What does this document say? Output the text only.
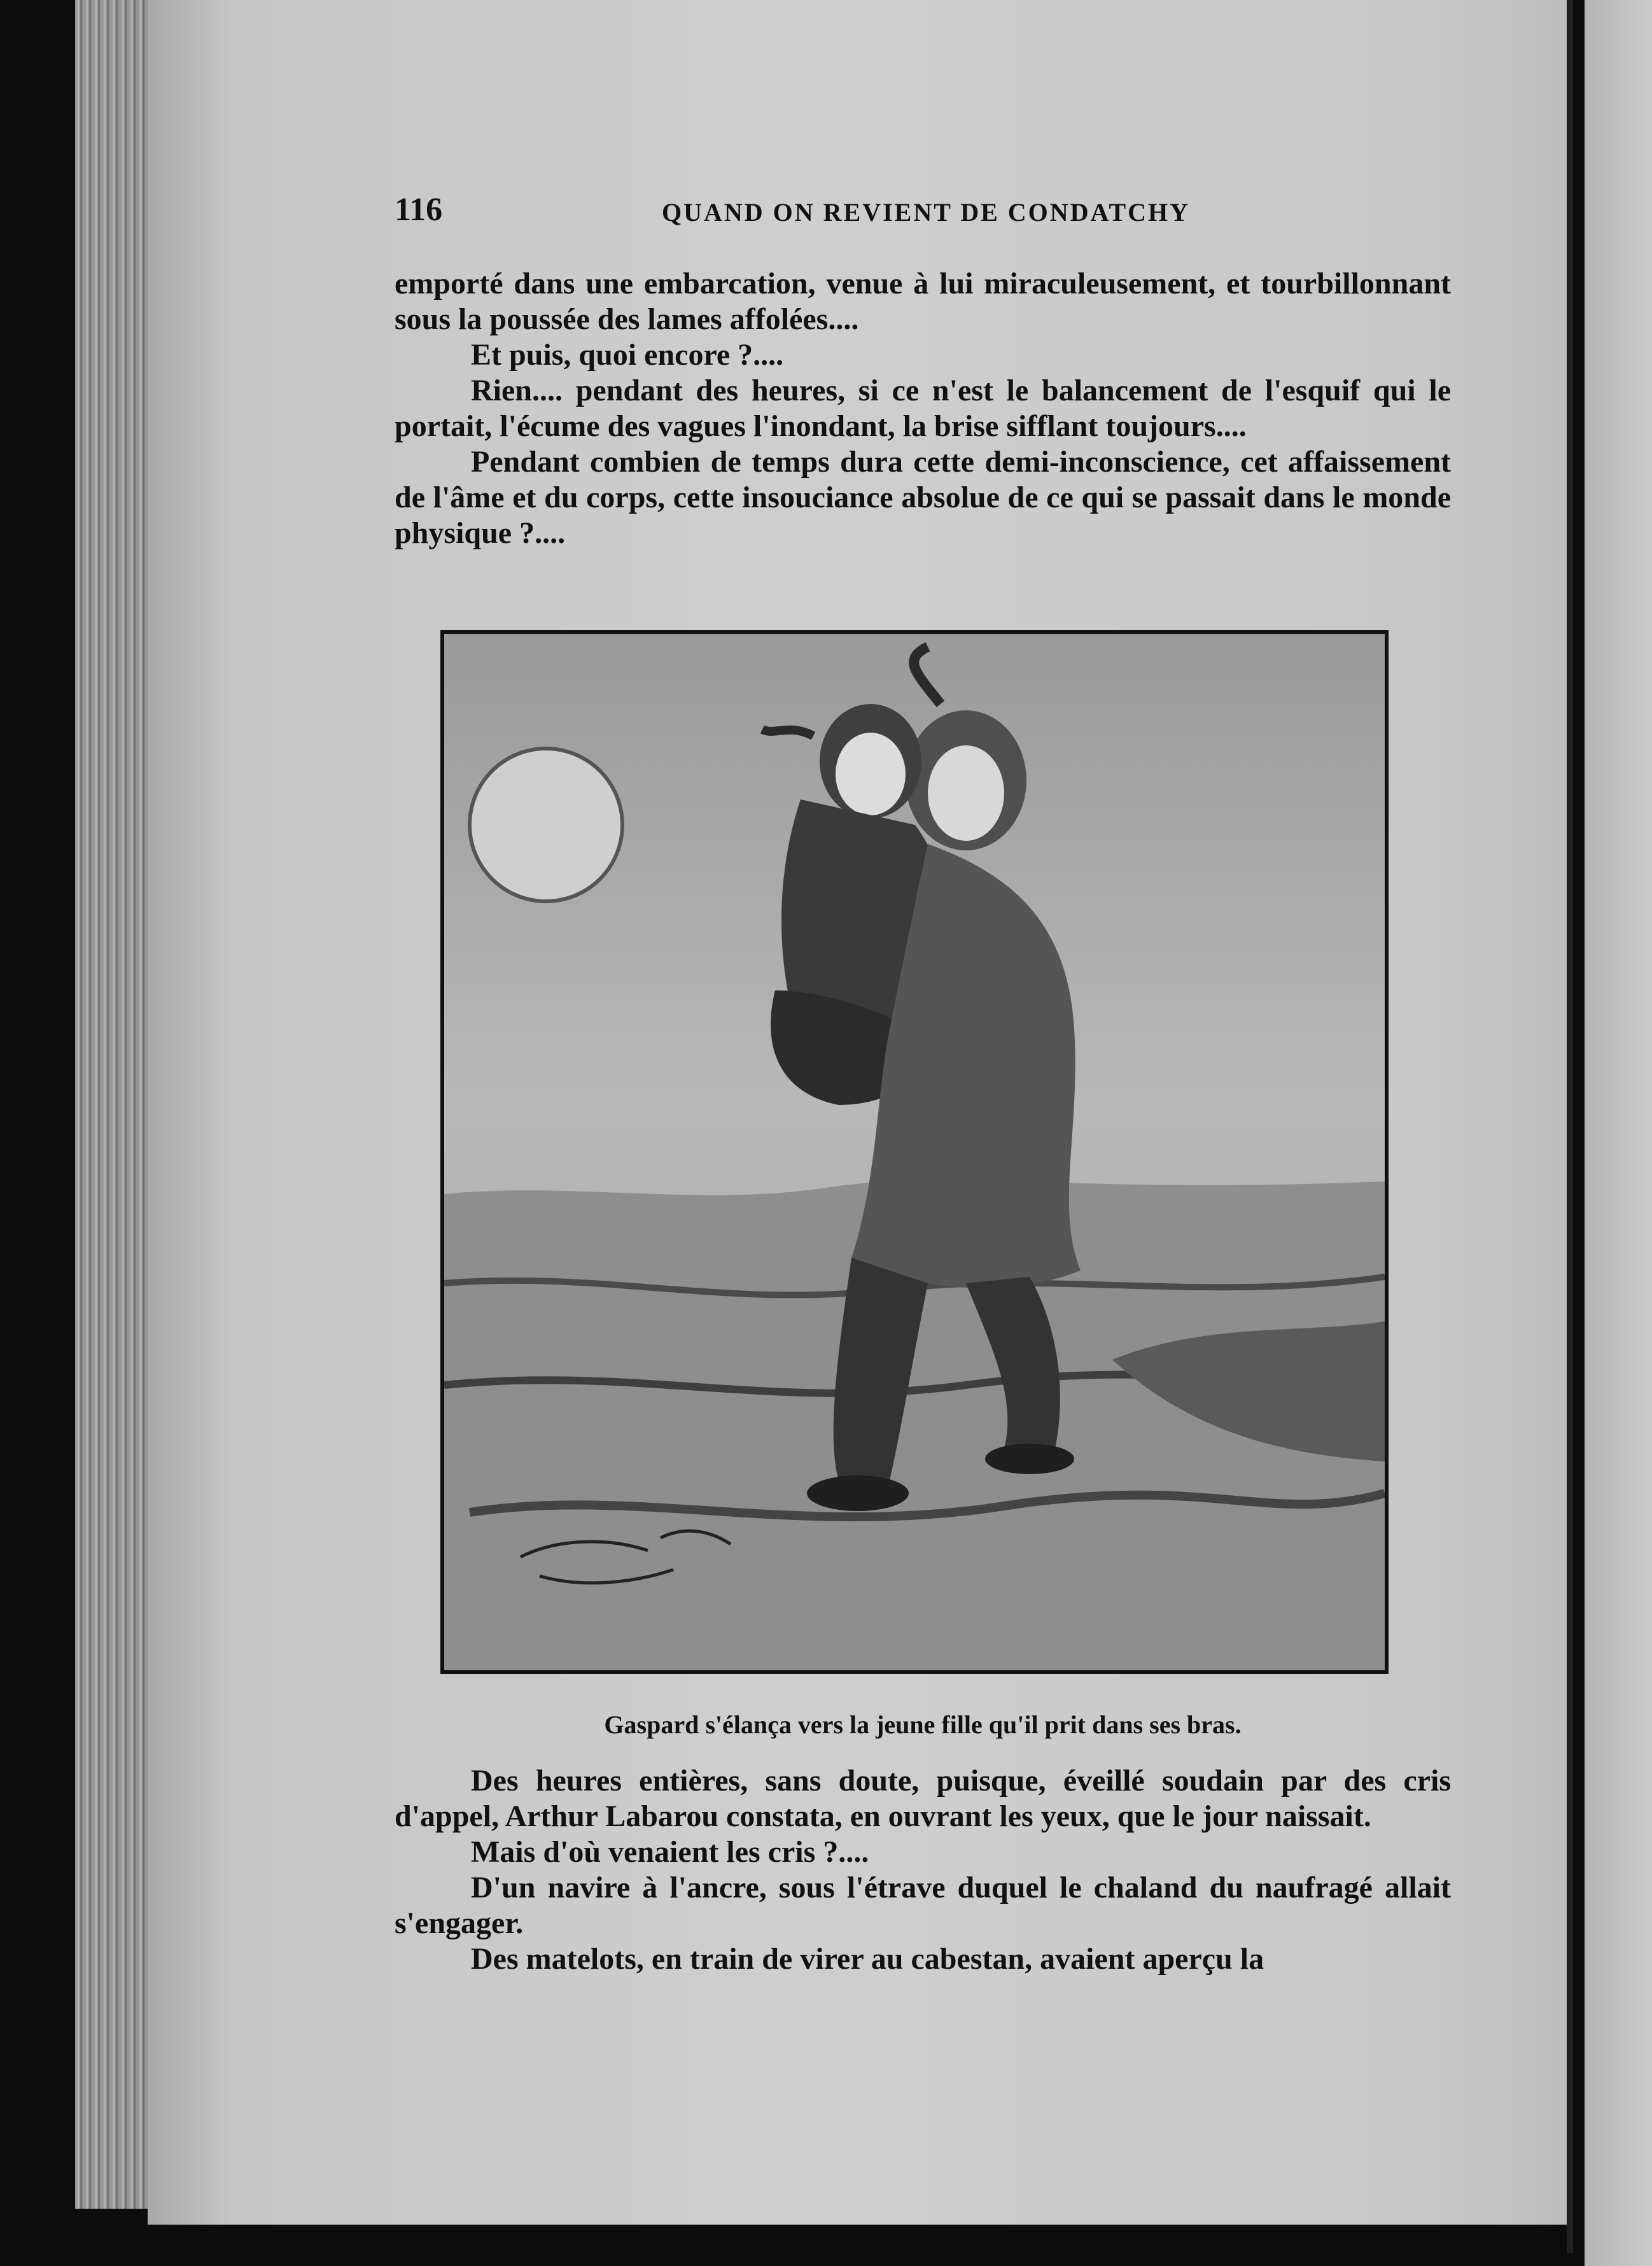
116	QUAND ON REVIENT DE CONDATCHY

emporté dans une embarcation, venue à lui miraculeusement, et tourbillonnant sous la poussée des lames affolées....

Et puis, quoi encore ?....

Rien.... pendant des heures, si ce n'est le balancement de l'esquif qui le portait, l'écume des vagues l'inondant, la brise sifflant toujours....

Pendant combien de temps dura cette demi-inconscience, cet affaissement de l'âme et du corps, cette insouciance absolue de ce qui se passait dans le monde physique ?....

Gaspard s'élança vers la jeune fille qu'il prit dans ses bras.

Des heures entières, sans doute, puisque, éveillé soudain par des cris d'appel, Arthur Labarou constata, en ouvrant les yeux, que le jour naissait.

Mais d'où venaient les cris ?....

D'un navire à l'ancre, sous l'étrave duquel le chaland du naufragé allait s'engager.

Des matelots, en train de virer au cabestan, avaient aperçu la
